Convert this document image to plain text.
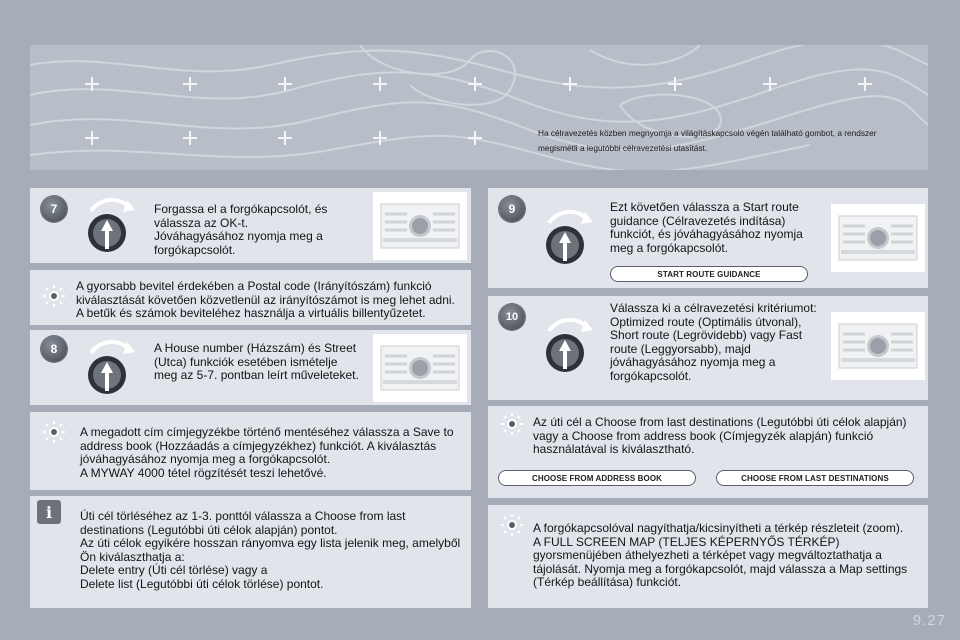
Ha célravezetés közben megnyomja a világításkapcsoló végén található gombot, a rendszer megismétli a legutóbbi célravezetési utasítást.
7	Forgassa el a forgókapcsolót, és válassza az OK-t.
Jóváhagyásához nyomja meg a forgókapcsolót.
A gyorsabb bevitel érdekében a Postal code (Irányítószám) funkció kiválasztását követően közvetlenül az irányítószámot is meg lehet adni.
A betűk és számok beviteléhez használja a virtuális billentyűzetet.
8	A House number (Házszám) és Street (Utca) funkciók esetében ismételje meg az 5-7. pontban leírt műveleteket.
A megadott cím címjegyzékbe történő mentéséhez válassza a Save to address book (Hozzáadás a címjegyzékhez) funkciót. A kiválasztás jóváhagyásához nyomja meg a forgókapcsolót.
A MYWAY 4000 tétel rögzítését teszi lehetővé.
i	Úti cél törléséhez az 1-3. ponttól válassza a Choose from last destinations (Legutóbbi úti célok alapján) pontot.
Az úti célok egyikére hosszan rányomva egy lista jelenik meg, amelyből Ön kiválaszthatja a:
Delete entry (Úti cél törlése) vagy a
Delete list (Legutóbbi úti célok törlése) pontot.
9	Ezt követően válassza a Start route guidance (Célravezetés indítása) funkciót, és jóváhagyásához nyomja meg a forgókapcsolót.
START ROUTE GUIDANCE
10
Válassza ki a célravezetési kritériumot:
Optimized route (Optimális útvonal), Short route (Legrövidebb) vagy Fast route (Leggyorsabb), majd jóváhagyásához nyomja meg a forgókapcsolót.
Az úti cél a Choose from last destinations (Legutóbbi úti célok alapján) vagy a Choose from address book (Címjegyzék alapján) funkció használatával is kiválasztható.
CHOOSE FROM ADDRESS BOOK	CHOOSE FROM LAST DESTINATIONS
A forgókapcsolóval nagyíthatja/kicsinyítheti a térkép részleteit (zoom).
A FULL SCREEN MAP (TELJES KÉPERNYŐS TÉRKÉP) gyorsmenüjében áthelyezheti a térképet vagy megváltoztathatja a tájolását. Nyomja meg a forgókapcsolót, majd válassza a Map settings (Térkép beállítása) funkciót.
9.27
